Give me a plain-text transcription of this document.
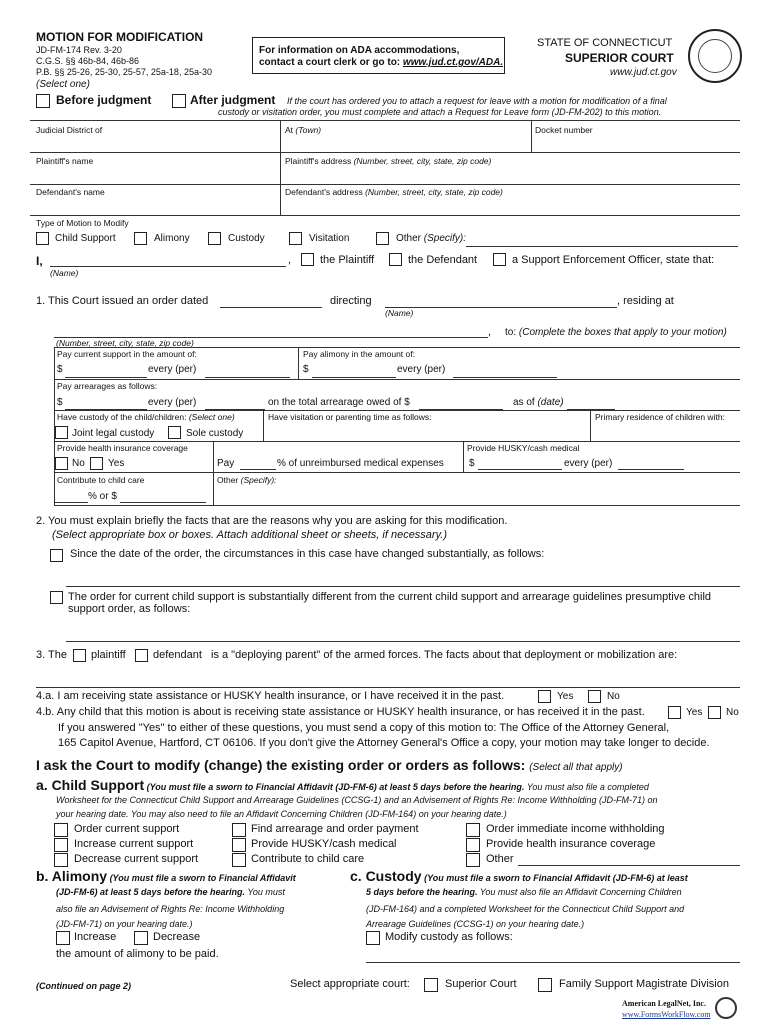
MOTION FOR MODIFICATION
JD-FM-174 Rev. 3-20
C.G.S. §§ 46b-84, 46b-86
P.B. §§ 25-26, 25-30, 25-57, 25a-18, 25a-30
(Select one)
For information on ADA accommodations,
contact a court clerk or go to: www.jud.ct.gov/ADA.
STATE OF CONNECTICUT
SUPERIOR COURT
www.jud.ct.gov
Before judgment	After judgment If the court has ordered you to attach a request for leave with a motion for modification of a final
custody or visitation order, you must complete and attach a Request for Leave form (JD-FM-202) to this motion.
Judicial District of	At (Town)	Docket number
Plaintiff's name	Plaintiff's address (Number, street, city, state, zip code)
Defendant's name	Defendant's address (Number, street, city, state, zip code)
Type of Motion to Modify
Child Support	Alimony	Custody	Visitation	Other (Specify):
I,	,
(Name)
the Plaintiff	the Defendant	a Support Enforcement Officer, state that:
1. This Court issued an order dated	directing
(Name)
, residing at
, to: (Complete the boxes that apply to your motion)
(Number, street, city, state, zip code)
Pay current support in the amount of:
$	every (per)
Pay alimony in the amount of:
$	every (per)
Pay arrearages as follows:
$	every (per)	on the total arrearage owed of $	as of (date)
Have custody of the child/children: (Select one)
Joint legal custody	Sole custody
Have visitation or parenting time as follows:	Primary residence of children with:
Provide health insurance coverage
No Yes	Pay	% of unreimbursed medical expenses
Provide HUSKY/cash medical
$	every (per)
Contribute to child care
% or $
Other (Specify):
2. You must explain briefly the facts that are the reasons why you are asking for this modification.
(Select appropriate box or boxes. Attach additional sheet or sheets, if necessary.)
Since the date of the order, the circumstances in this case have changed substantially, as follows:
The order for current child support is substantially different from the current child support and arrearage guidelines presumptive child
support order, as follows:
3. The plaintiff defendant is a "deploying parent" of the armed forces. The facts about that deployment or mobilization are:
4.a. I am receiving state assistance or HUSKY health insurance, or I have received it in the past.	Yes	No
4.b. Any child that this motion is about is receiving state assistance or HUSKY health insurance, or has received it in the past.	Yes No
If you answered "Yes" to either of these questions, you must send a copy of this motion to: The Office of the Attorney General,
165 Capitol Avenue, Hartford, CT 06106. If you don't give the Attorney General's Office a copy, your motion may take longer to decide.
I ask the Court to modify (change) the existing order or orders as follows: (Select all that apply)
a. Child Support (You must file a sworn to Financial Affidavit (JD-FM-6) at least 5 days before the hearing. You must also file a completed
Worksheet for the Connecticut Child Support and Arrearage Guidelines (CCSG-1) and an Advisement of Rights Re: Income Withholding (JD-FM-71) on
your hearing date. You may also need to file an Affidavit Concerning Children (JD-FM-164) on your hearing date.)
Order current support
Increase current support
Decrease current support
Find arrearage and order payment
Provide HUSKY/cash medical
Contribute to child care
Order immediate income withholding
Provide health insurance coverage
Other
b. Alimony (You must file a sworn to Financial Affidavit
(JD-FM-6) at least 5 days before the hearing. You must
also file an Advisement of Rights Re: Income Withholding
(JD-FM-71) on your hearing date.)
Increase	Decrease
the amount of alimony to be paid.
c. Custody (You must file a sworn to Financial Affidavit (JD-FM-6) at least
5 days before the hearing. You must also file an Affidavit Concerning Children
(JD-FM-164) and a completed Worksheet for the Connecticut Child Support and
Arrearage Guidelines (CCSG-1) on your hearing date.)
Modify custody as follows:
(Continued on page 2)	Select appropriate court:	Superior Court	Family Support Magistrate Division
American LegalNet, Inc.
www.FormsWorkFlow.com
